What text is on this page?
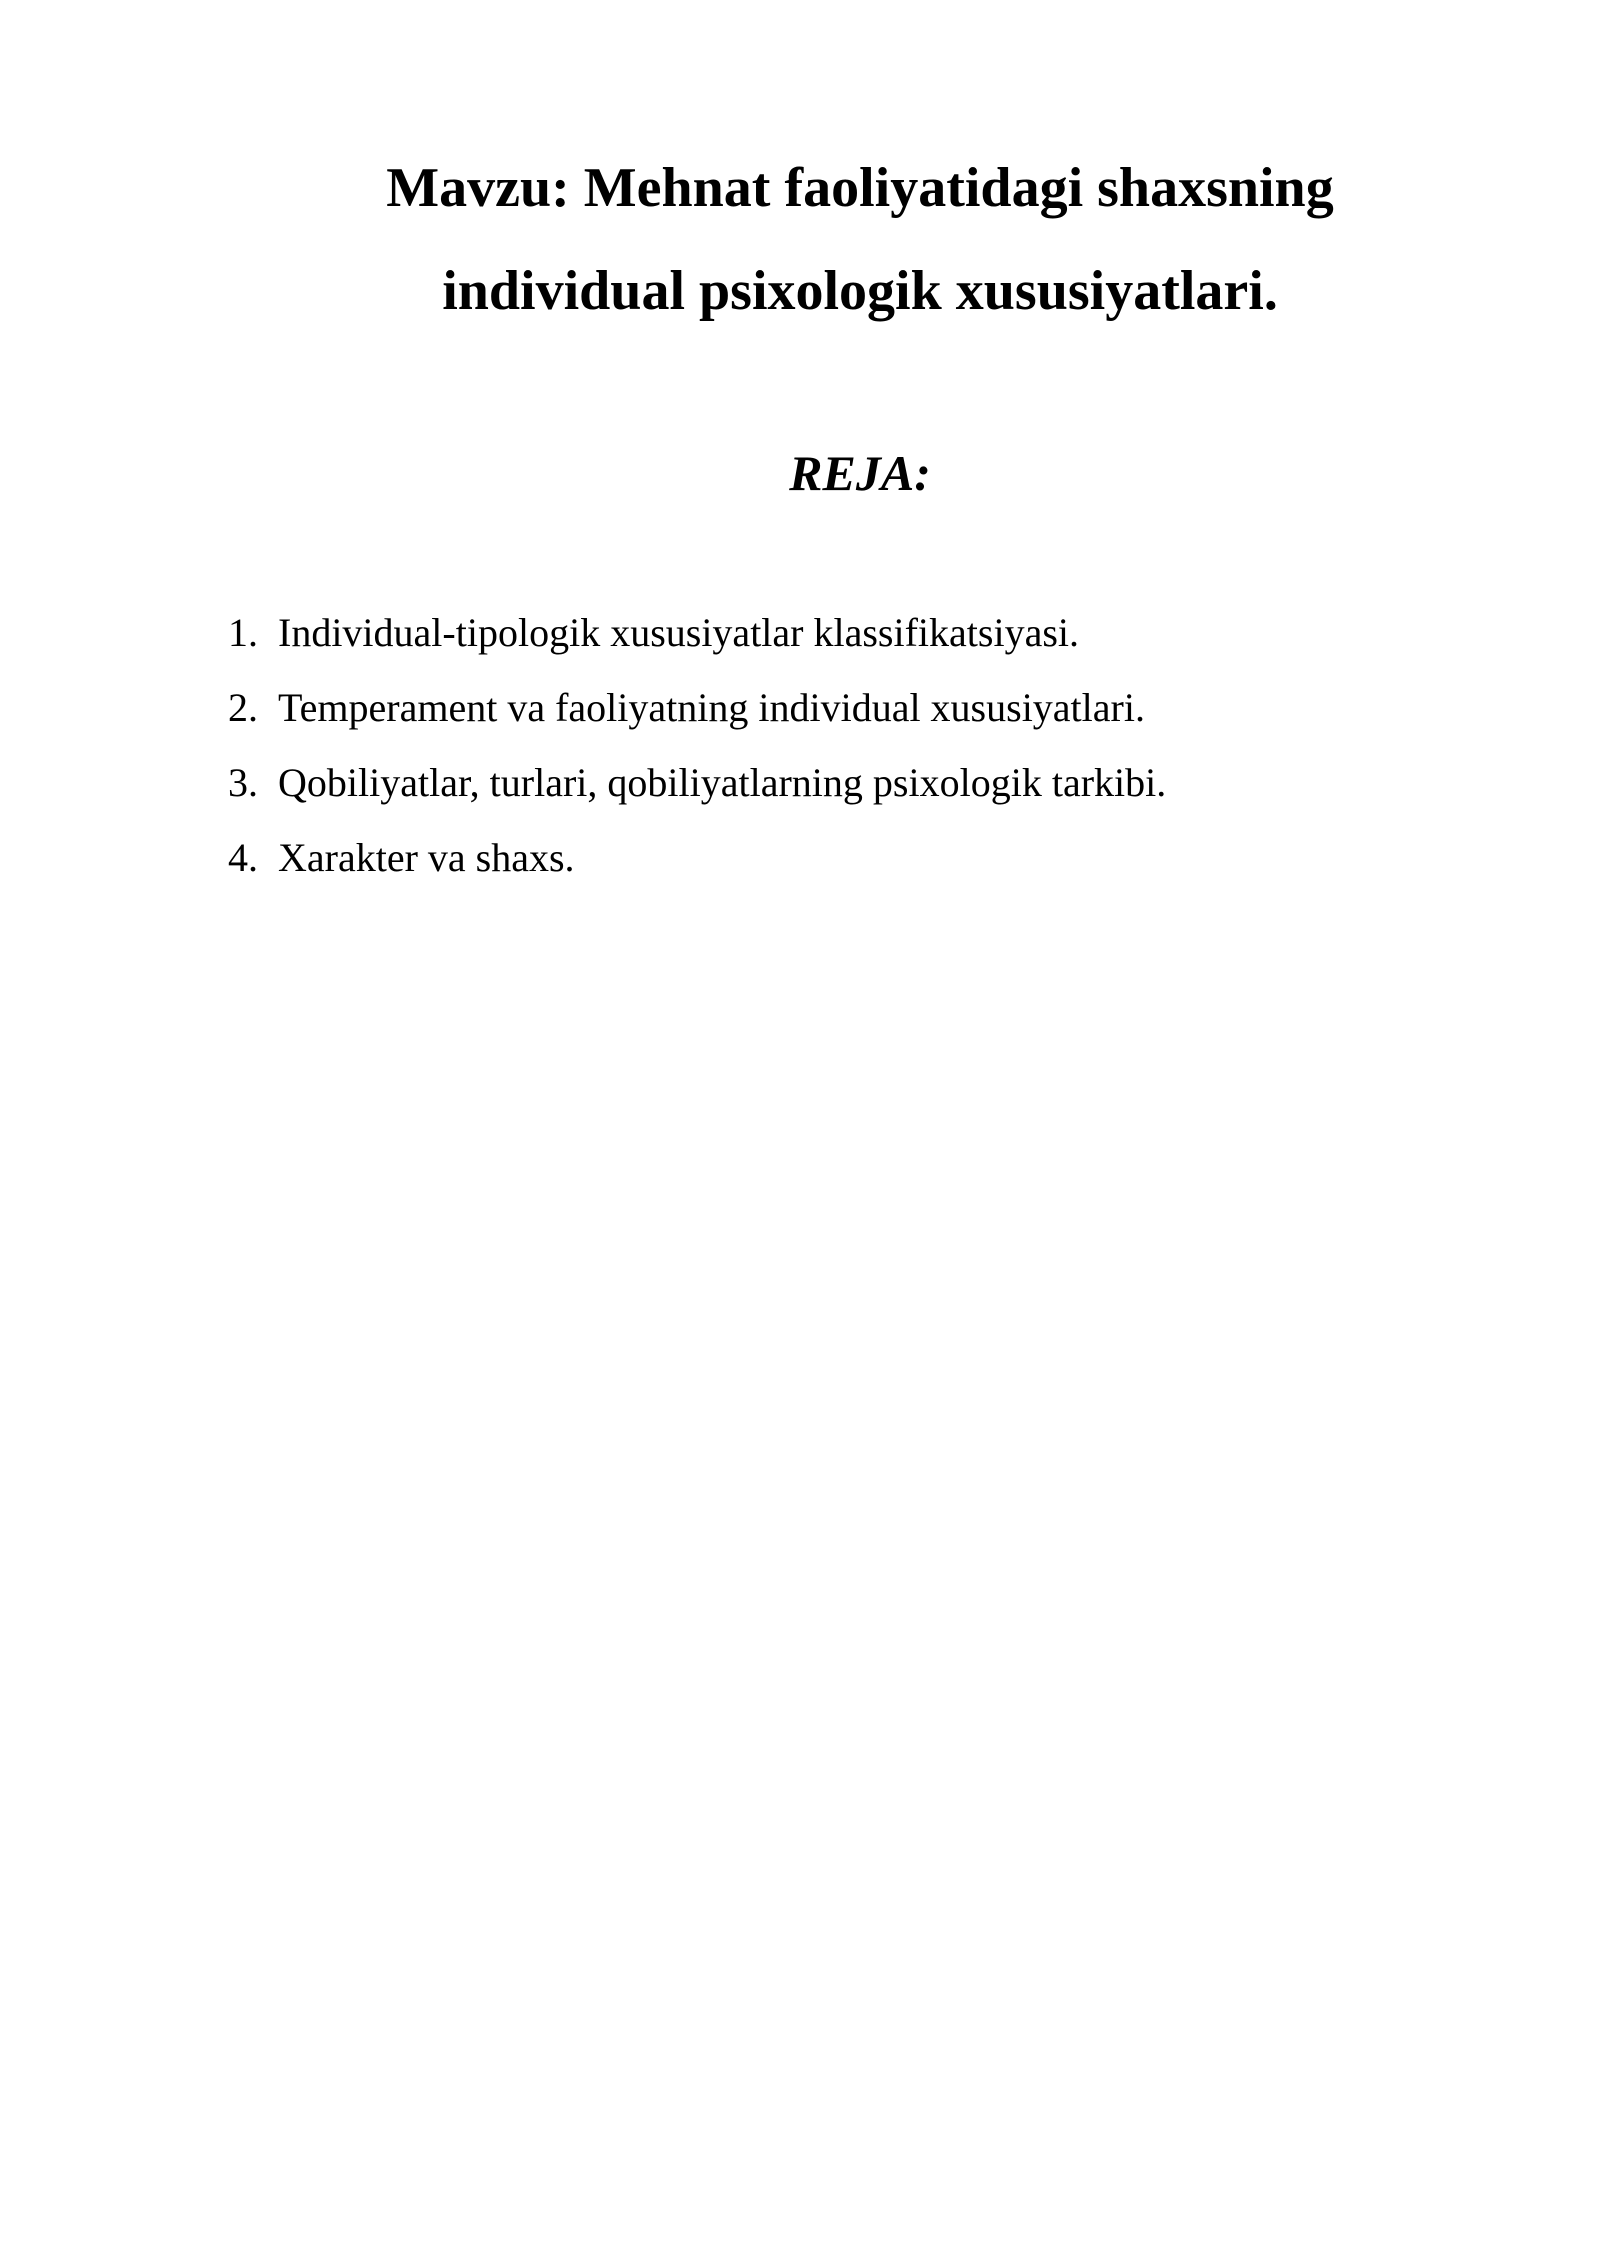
Mavzu: Mehnat faoliyatidagi shaxsning
individual psixologik xususiyatlari.
REJA:
1. Individual-tipologik xususiyatlar klassifikatsiyasi.
2. Temperament va faoliyatning individual xususiyatlari.
3. Qobiliyatlar, turlari, qobiliyatlarning psixologik tarkibi.
4. Xarakter va shaxs.
